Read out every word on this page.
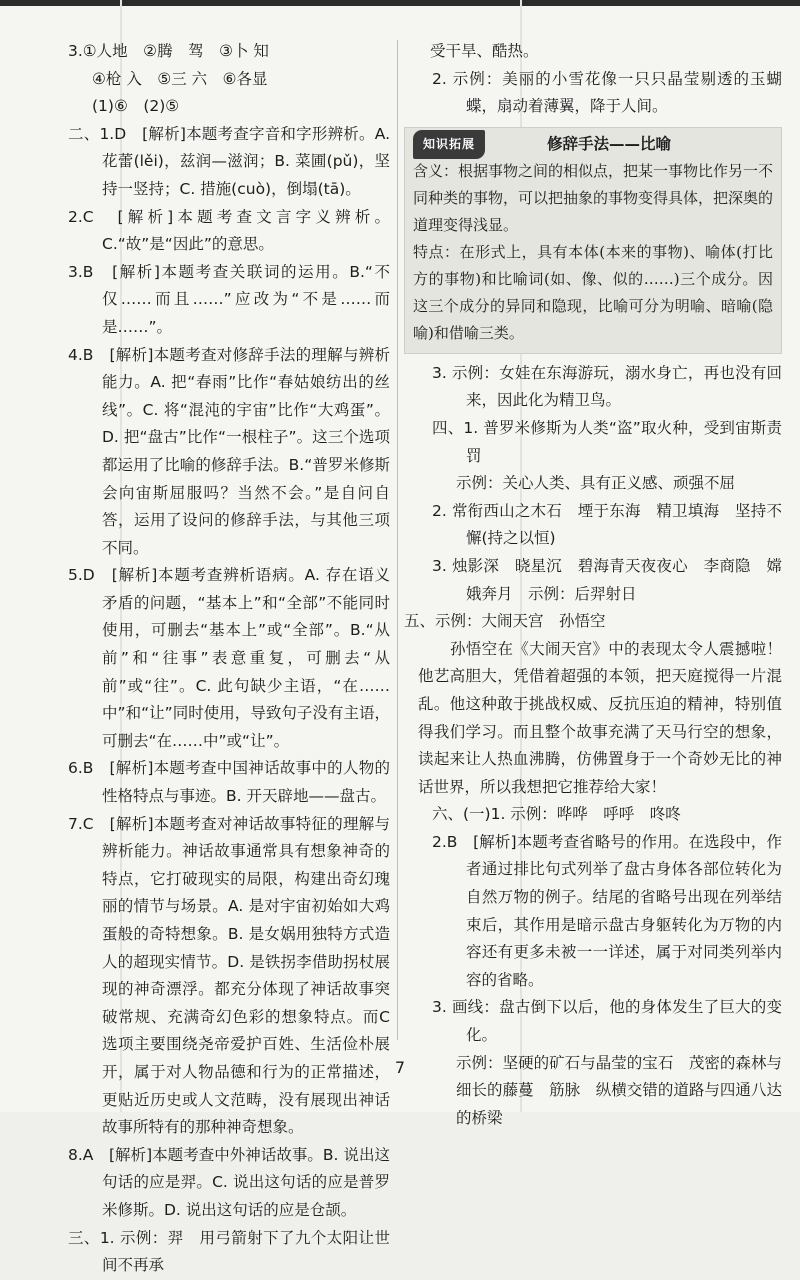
3.①人地　②腾　驾　③卜 知

④枪 入　⑤三 六　⑥各显

(1)⑥　(2)⑤

二、1.D　[解析]本题考查字音和字形辨析。A. 花蕾(lěi)，兹润—滋润；B. 菜圃(pǔ)，坚持一竖持；C. 措施(cuò)，倒塌(tā)。

2.C　[解析]本题考查文言字义辨析。C.“故”是“因此”的意思。

3.B　[解析]本题考查关联词的运用。B.“不仅……而且……”应改为“不是……而是……”。

4.B　[解析]本题考查对修辞手法的理解与辨析能力。A. 把“春雨”比作“春姑娘纺出的丝线”。C. 将“混沌的宇宙”比作“大鸡蛋”。D. 把“盘古”比作“一根柱子”。这三个选项都运用了比喻的修辞手法。B.“普罗米修斯会向宙斯屈服吗？当然不会。”是自问自答，运用了设问的修辞手法，与其他三项不同。

5.D　[解析]本题考查辨析语病。A. 存在语义矛盾的问题，“基本上”和“全部”不能同时使用，可删去“基本上”或“全部”。B.“从前”和“往事”表意重复，可删去“从前”或“往”。C. 此句缺少主语，“在……中”和“让”同时使用，导致句子没有主语，可删去“在……中”或“让”。

6.B　[解析]本题考查中国神话故事中的人物的性格特点与事迹。B. 开天辟地——盘古。

7.C　[解析]本题考查对神话故事特征的理解与辨析能力。神话故事通常具有想象神奇的特点，它打破现实的局限，构建出奇幻瑰丽的情节与场景。A. 是对宇宙初始如大鸡蛋般的奇特想象。B. 是女娲用独特方式造人的超现实情节。D. 是铁拐李借助拐杖展现的神奇漂浮。都充分体现了神话故事突破常规、充满奇幻色彩的想象特点。而C选项主要围绕尧帝爱护百姓、生活俭朴展开，属于对人物品德和行为的正常描述，更贴近历史或人文范畴，没有展现出神话故事所特有的那种神奇想象。

8.A　[解析]本题考查中外神话故事。B. 说出这句话的应是羿。C. 说出这句话的应是普罗米修斯。D. 说出这句话的应是仓颉。

三、1. 示例：羿　用弓箭射下了九个太阳让世间不再承

受干旱、酷热。

2. 示例：美丽的小雪花像一只只晶莹剔透的玉蝴蝶，扇动着薄翼，降于人间。

知识拓展	修辞手法——比喻

含义：根据事物之间的相似点，把某一事物比作另一不同种类的事物，可以把抽象的事物变得具体，把深奥的道理变得浅显。

特点：在形式上，具有本体(本来的事物)、喻体(打比方的事物)和比喻词(如、像、似的……)三个成分。因这三个成分的异同和隐现，比喻可分为明喻、暗喻(隐喻)和借喻三类。

3. 示例：女娃在东海游玩，溺水身亡，再也没有回来，因此化为精卫鸟。

四、1. 普罗米修斯为人类“盗”取火种，受到宙斯责罚

示例：关心人类、具有正义感、顽强不屈

2. 常衔西山之木石　堙于东海　精卫填海　坚持不懈(持之以恒)

3. 烛影深　晓星沉　碧海青天夜夜心　李商隐　嫦娥奔月　示例：后羿射日

五、示例：大闹天宫　孙悟空

孙悟空在《大闹天宫》中的表现太令人震撼啦！他艺高胆大，凭借着超强的本领，把天庭搅得一片混乱。他这种敢于挑战权威、反抗压迫的精神，特别值得我们学习。而且整个故事充满了天马行空的想象，读起来让人热血沸腾，仿佛置身于一个奇妙无比的神话世界，所以我想把它推荐给大家！

六、(一)1. 示例：哗哗　呼呼　咚咚

2.B　[解析]本题考查省略号的作用。在选段中，作者通过排比句式列举了盘古身体各部位转化为自然万物的例子。结尾的省略号出现在列举结束后，其作用是暗示盘古身躯转化为万物的内容还有更多未被一一详述，属于对同类列举内容的省略。

3. 画线：盘古倒下以后，他的身体发生了巨大的变化。

示例：坚硬的矿石与晶莹的宝石　茂密的森林与细长的藤蔓　筋脉　纵横交错的道路与四通八达的桥梁

7
